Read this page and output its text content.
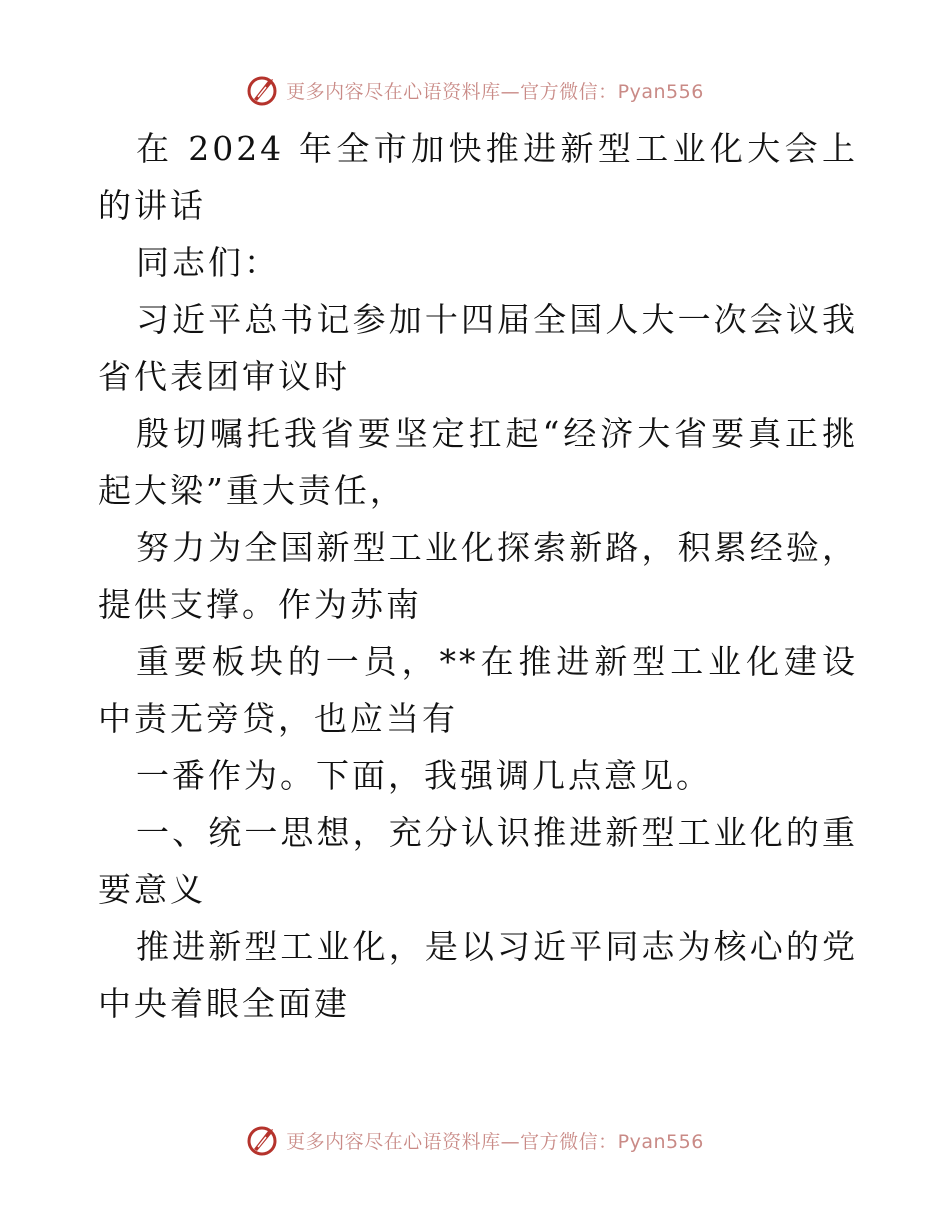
更多内容尽在心语资料库—官方微信：Pyan556

在 2024 年全市加快推进新型工业化大会上的讲话

同志们：

习近平总书记参加十四届全国人大一次会议我省代表团审议时

殷切嘱托我省要坚定扛起“经济大省要真正挑起大梁”重大责任，

努力为全国新型工业化探索新路，积累经验，提供支撑。作为苏南

重要板块的一员，**在推进新型工业化建设中责无旁贷，也应当有

一番作为。下面，我强调几点意见。

一、统一思想，充分认识推进新型工业化的重要意义

推进新型工业化，是以习近平同志为核心的党中央着眼全面建

更多内容尽在心语资料库—官方微信：Pyan556
